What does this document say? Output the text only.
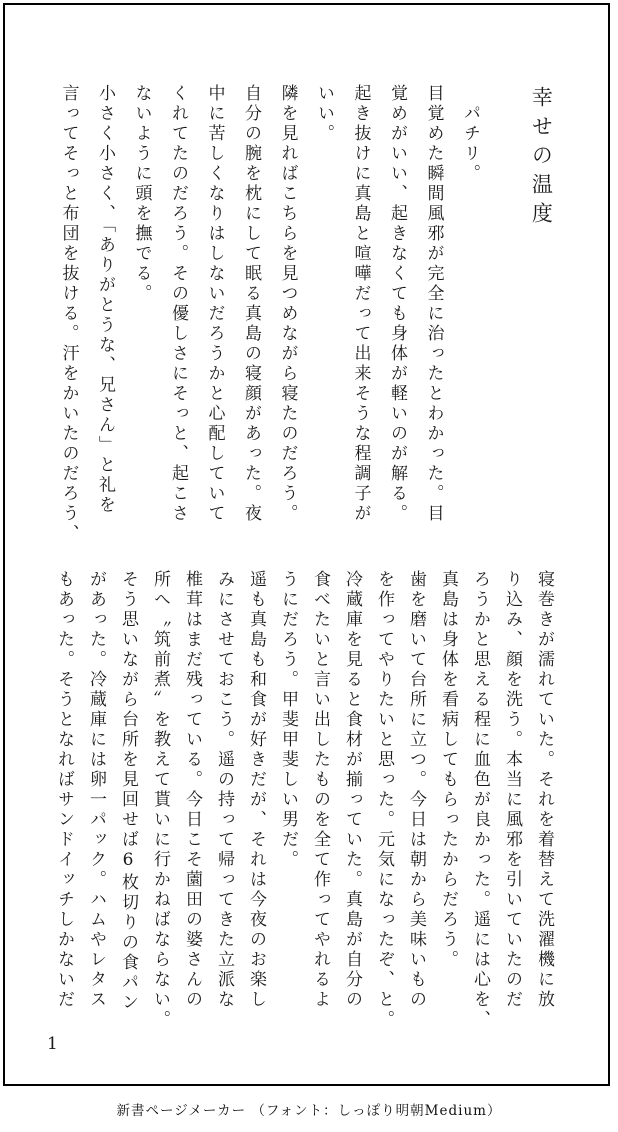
幸せの温度
　パチリ。
目覚めた瞬間風邪が完全に治ったとわかった。目
覚めがいい、起きなくても身体が軽いのが解る。
起き抜けに真島と喧嘩だって出来そうな程調子が
いい。
隣を見ればこちらを見つめながら寝たのだろう。
自分の腕を枕にして眠る真島の寝顔があった。夜
中に苦しくなりはしないだろうかと心配していて
くれてたのだろう。その優しさにそっと、起こさ
ないように頭を撫でる。
小さく小さく、「ありがとうな、兄さん」と礼を
言ってそっと布団を抜ける。汗をかいたのだろう、
寝巻きが濡れていた。それを着替えて洗濯機に放
り込み、顔を洗う。本当に風邪を引いていたのだ
ろうかと思える程に血色が良かった。遥には心を、
真島は身体を看病してもらったからだろう。
歯を磨いて台所に立つ。今日は朝から美味いもの
を作ってやりたいと思った。元気になったぞ、と。
冷蔵庫を見ると食材が揃っていた。真島が自分の
食べたいと言い出したものを全て作ってやれるよ
うにだろう。甲斐甲斐しい男だ。
遥も真島も和食が好きだが、それは今夜のお楽し
みにさせておこう。遥の持って帰ってきた立派な
椎茸はまだ残っている。今日こそ薗田の婆さんの
所へ〝筑前煮〟を教えて貰いに行かねばならない。
そう思いながら台所を見回せば6枚切りの食パン
があった。冷蔵庫には卵一パック。ハムやレタス
もあった。そうとなればサンドイッチしかないだ
1
新書ページメーカー （フォント：しっぽり明朝Medium）
